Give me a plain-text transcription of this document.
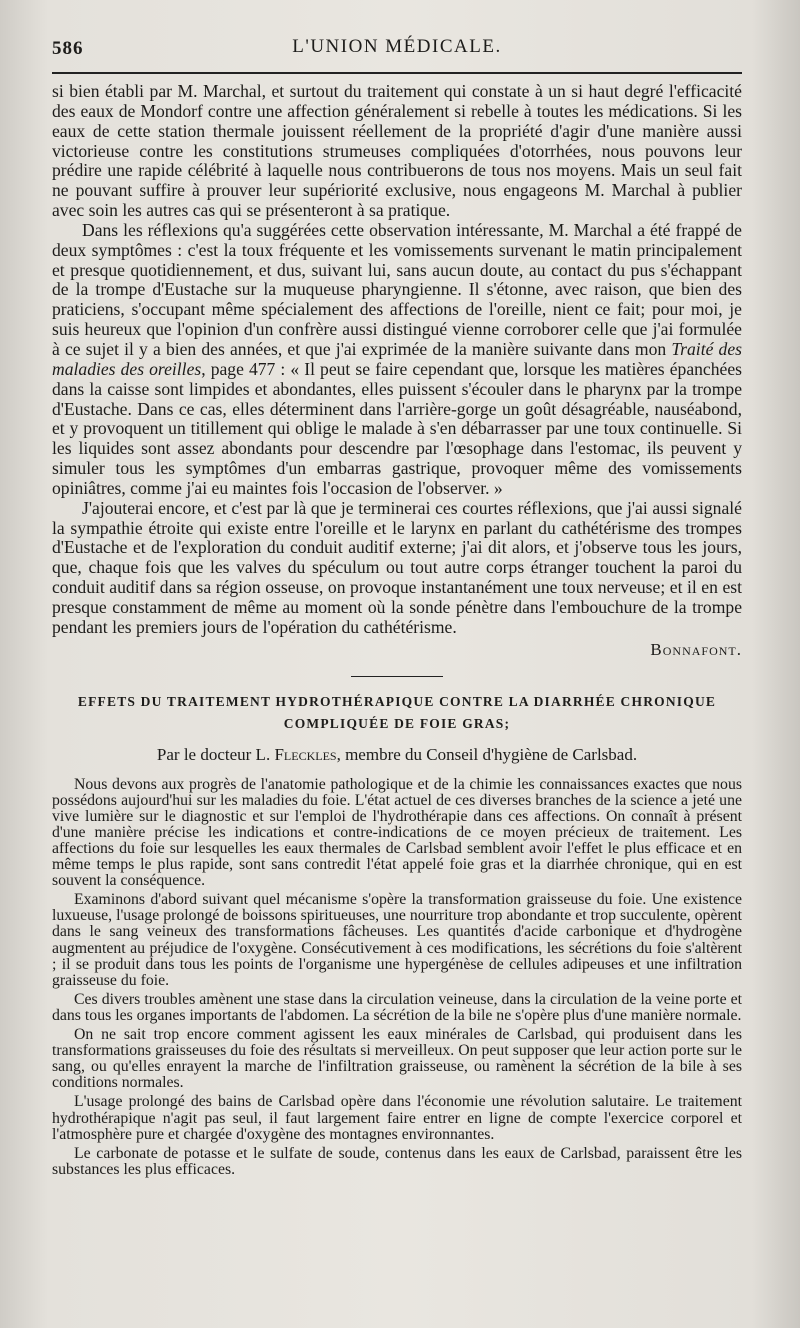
586	L'UNION MÉDICALE.

si bien établi par M. Marchal, et surtout du traitement qui constate à un si haut degré l'efficacité des eaux de Mondorf contre une affection généralement si rebelle à toutes les médications. Si les eaux de cette station thermale jouissent réellement de la propriété d'agir d'une manière aussi victorieuse contre les constitutions strumeuses compliquées d'otorrhées, nous pouvons leur prédire une rapide célébrité à laquelle nous contribuerons de tous nos moyens. Mais un seul fait ne pouvant suffire à prouver leur supériorité exclusive, nous engageons M. Marchal à publier avec soin les autres cas qui se présenteront à sa pratique.

Dans les réflexions qu'a suggérées cette observation intéressante, M. Marchal a été frappé de deux symptômes : c'est la toux fréquente et les vomissements survenant le matin principalement et presque quotidiennement, et dus, suivant lui, sans aucun doute, au contact du pus s'échappant de la trompe d'Eustache sur la muqueuse pharyngienne. Il s'étonne, avec raison, que bien des praticiens, s'occupant même spécialement des affections de l'oreille, nient ce fait; pour moi, je suis heureux que l'opinion d'un confrère aussi distingué vienne corroborer celle que j'ai formulée à ce sujet il y a bien des années, et que j'ai exprimée de la manière suivante dans mon Traité des maladies des oreilles, page 477 : « Il peut se faire cependant que, lorsque les matières épanchées dans la caisse sont limpides et abondantes, elles puissent s'écouler dans le pharynx par la trompe d'Eustache. Dans ce cas, elles déterminent dans l'arrière-gorge un goût désagréable, nauséabond, et y provoquent un titillement qui oblige le malade à s'en débarrasser par une toux continuelle. Si les liquides sont assez abondants pour descendre par l'œsophage dans l'estomac, ils peuvent y simuler tous les symptômes d'un embarras gastrique, provoquer même des vomissements opiniâtres, comme j'ai eu maintes fois l'occasion de l'observer. »

J'ajouterai encore, et c'est par là que je terminerai ces courtes réflexions, que j'ai aussi signalé la sympathie étroite qui existe entre l'oreille et le larynx en parlant du cathétérisme des trompes d'Eustache et de l'exploration du conduit auditif externe; j'ai dit alors, et j'observe tous les jours, que, chaque fois que les valves du spéculum ou tout autre corps étranger touchent la paroi du conduit auditif dans sa région osseuse, on provoque instantanément une toux nerveuse; et il en est presque constamment de même au moment où la sonde pénètre dans l'embouchure de la trompe pendant les premiers jours de l'opération du cathétérisme.

Bonnafont.
EFFETS DU TRAITEMENT HYDROTHÉRAPIQUE CONTRE LA DIARRHÉE CHRONIQUE
COMPLIQUÉE DE FOIE GRAS;
Par le docteur L. Fleckles, membre du Conseil d'hygiène de Carlsbad.

Nous devons aux progrès de l'anatomie pathologique et de la chimie les connaissances exactes que nous possédons aujourd'hui sur les maladies du foie. L'état actuel de ces diverses branches de la science a jeté une vive lumière sur le diagnostic et sur l'emploi de l'hydrothérapie dans ces affections. On connaît à présent d'une manière précise les indications et contre-indications de ce moyen précieux de traitement. Les affections du foie sur lesquelles les eaux thermales de Carlsbad semblent avoir l'effet le plus efficace et en même temps le plus rapide, sont sans contredit l'état appelé foie gras et la diarrhée chronique, qui en est souvent la conséquence.

Examinons d'abord suivant quel mécanisme s'opère la transformation graisseuse du foie. Une existence luxueuse, l'usage prolongé de boissons spiritueuses, une nourriture trop abondante et trop succulente, opèrent dans le sang veineux des transformations fâcheuses. Les quantités d'acide carbonique et d'hydrogène augmentent au préjudice de l'oxygène. Consécutivement à ces modifications, les sécrétions du foie s'altèrent ; il se produit dans tous les points de l'organisme une hypergénèse de cellules adipeuses et une infiltration graisseuse du foie.

Ces divers troubles amènent une stase dans la circulation veineuse, dans la circulation de la veine porte et dans tous les organes importants de l'abdomen. La sécrétion de la bile ne s'opère plus d'une manière normale.

On ne sait trop encore comment agissent les eaux minérales de Carlsbad, qui produisent dans les transformations graisseuses du foie des résultats si merveilleux. On peut supposer que leur action porte sur le sang, ou qu'elles enrayent la marche de l'infiltration graisseuse, ou ramènent la sécrétion de la bile à ses conditions normales.

L'usage prolongé des bains de Carlsbad opère dans l'économie une révolution salutaire. Le traitement hydrothérapique n'agit pas seul, il faut largement faire entrer en ligne de compte l'exercice corporel et l'atmosphère pure et chargée d'oxygène des montagnes environnantes.

Le carbonate de potasse et le sulfate de soude, contenus dans les eaux de Carlsbad, paraissent être les substances les plus efficaces.
